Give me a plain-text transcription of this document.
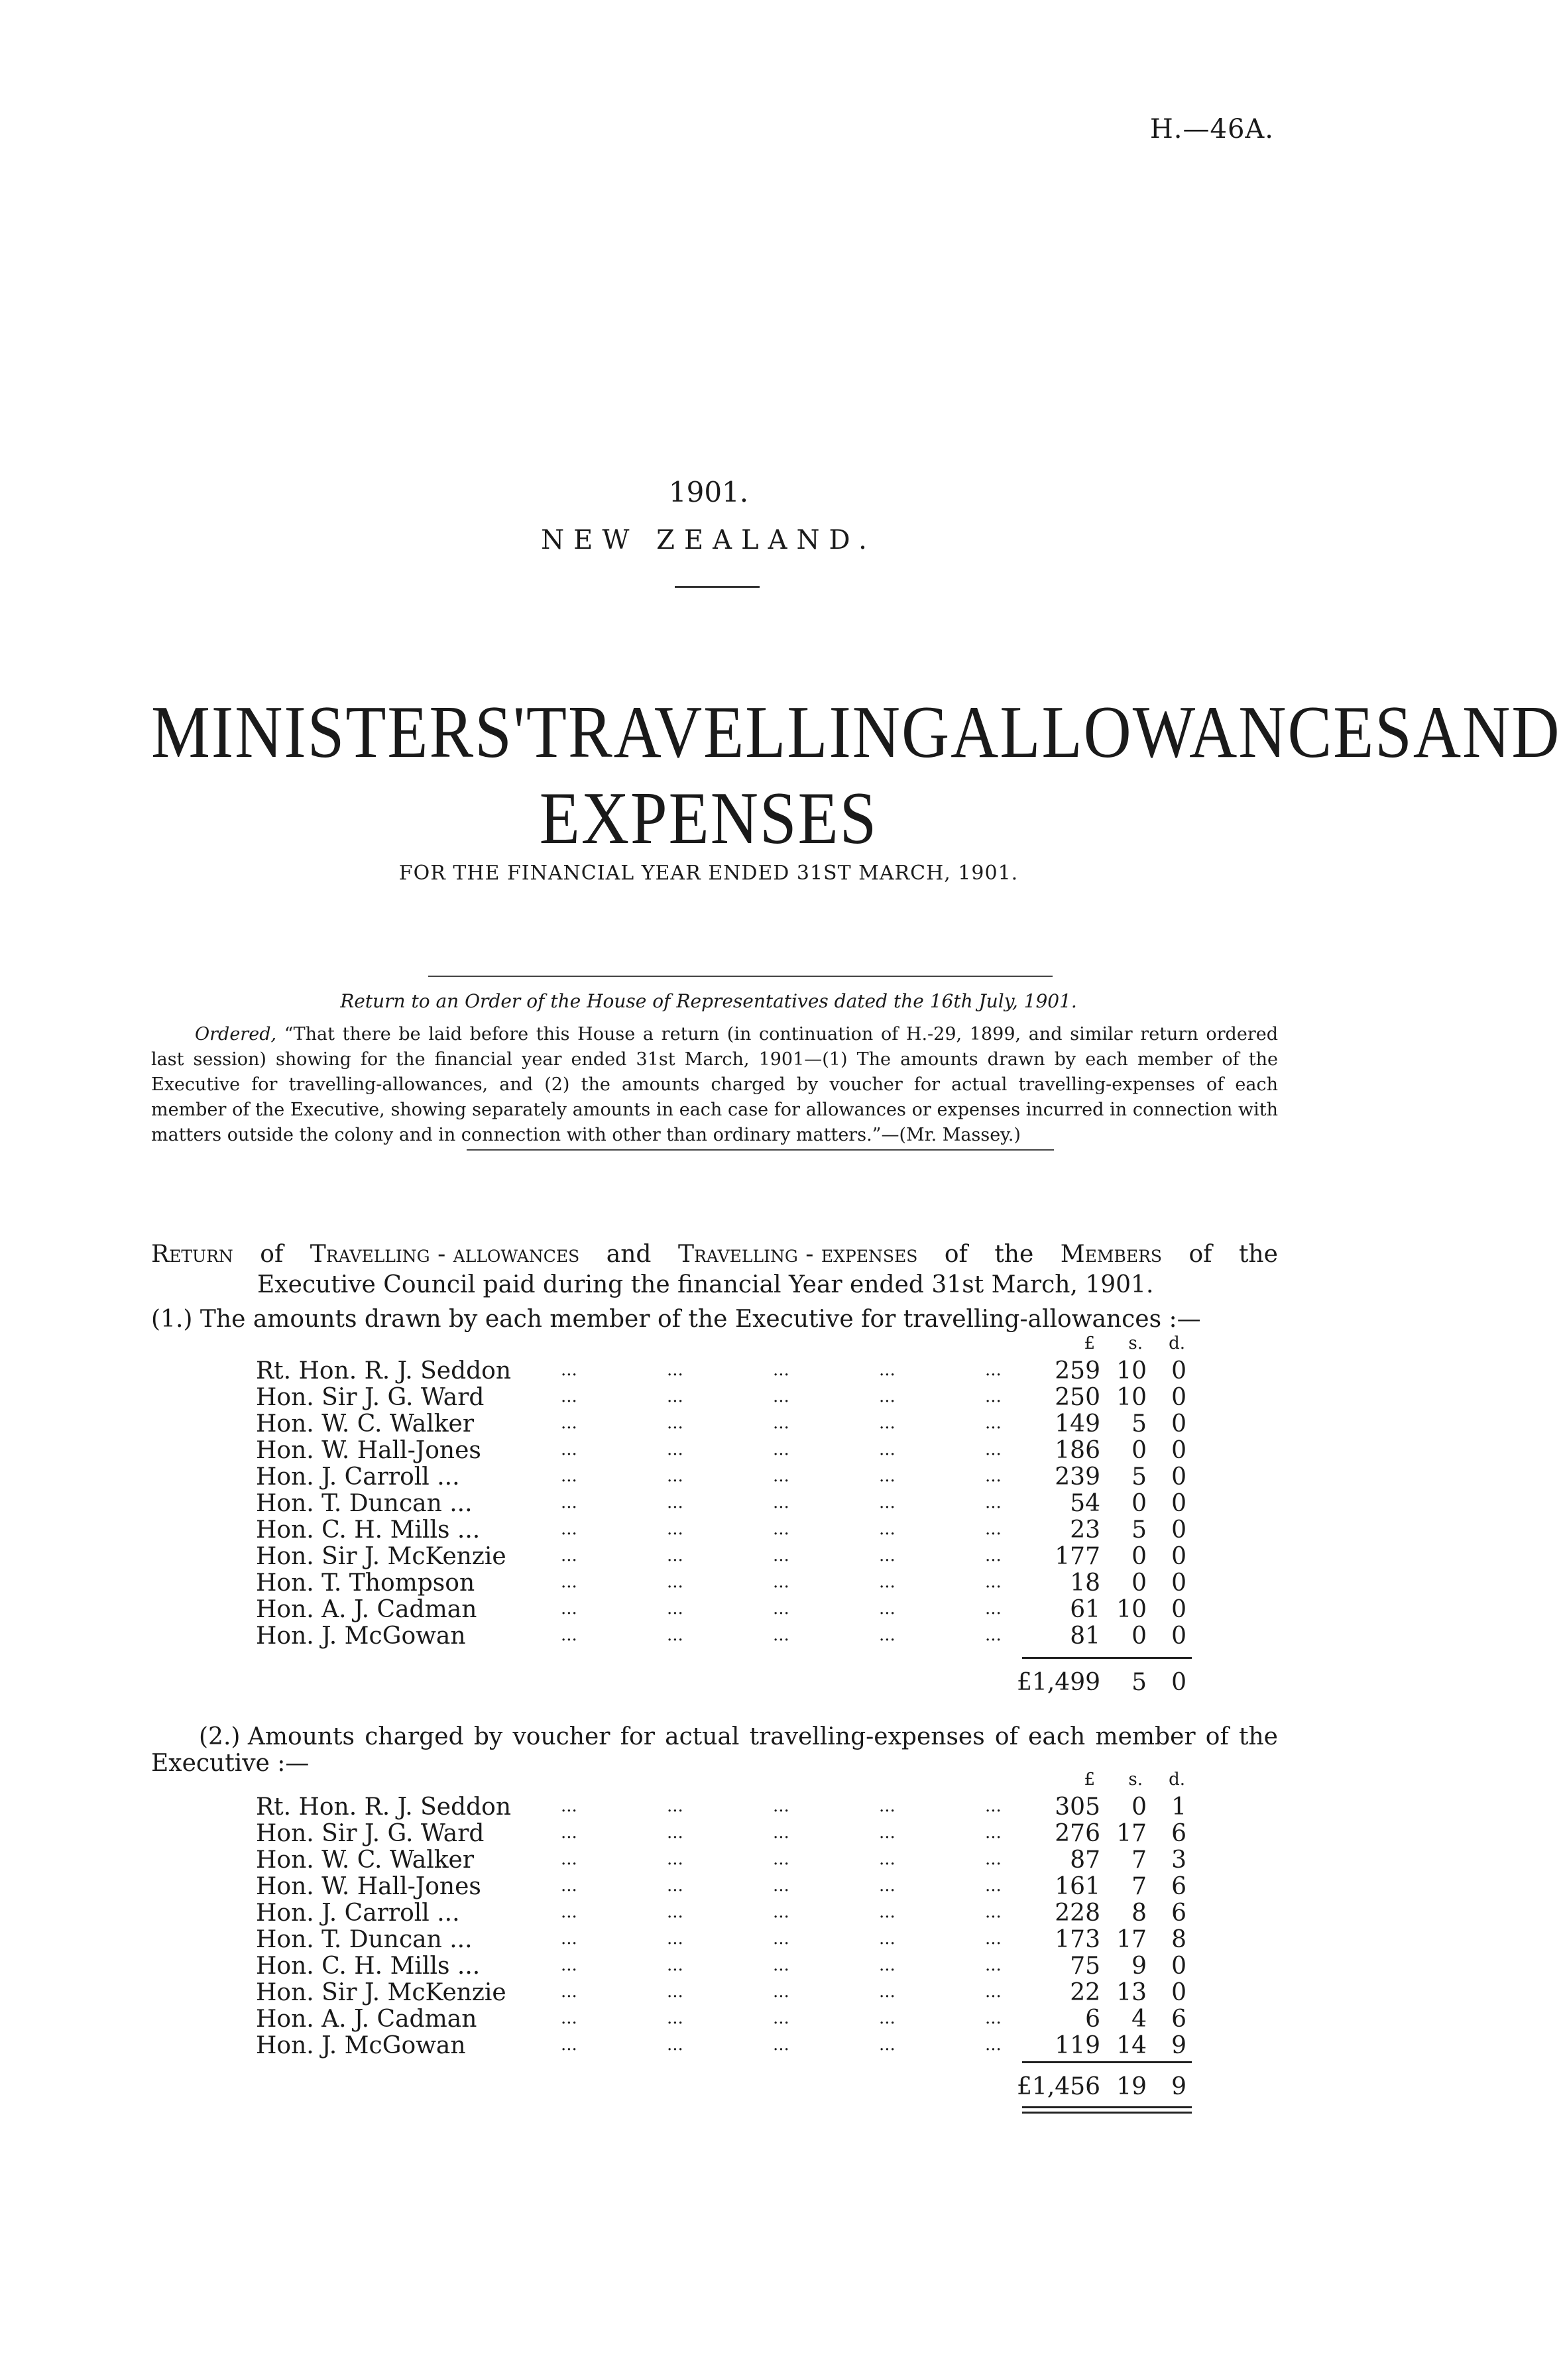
H.—46A.
1901.
NEW ZEALAND.
MINISTERS' TRAVELLING ALLOWANCES AND
EXPENSES
FOR THE FINANCIAL YEAR ENDED 31ST MARCH, 1901.
Return to an Order of the House of Representatives dated the 16th July, 1901.
Ordered, “That there be laid before this House a return (in continuation of H.-29, 1899, and similar return ordered last session) showing for the financial year ended 31st March, 1901—(1) The amounts drawn by each member of the Executive for travelling-allowances, and (2) the amounts charged by voucher for actual travelling-expenses of each member of the Executive, showing separately amounts in each case for allowances or expenses incurred in connection with matters outside the colony and in connection with other than ordinary matters.”—(Mr. Massey.)
Return of Travelling - allowances and Travelling - expenses of the Members of the
Executive Council paid during the financial Year ended 31st March, 1901.
(1.) The amounts drawn by each member of the Executive for travelling-allowances :—
£	s. d.
Rt. Hon. R. J. Seddon	...	...	...	...	...	259 10	0
Hon. Sir J. G. Ward	...	...	...	...	...	250 10	0
Hon. W. C. Walker	...	...	...	...	...	149	5	0
Hon. W. Hall-Jones	...	...	...	...	...	186	0	0
Hon. J. Carroll ...	...	...	...	...	...	239	5	0
Hon. T. Duncan ...	...	...	...	...	...	54	0	0
Hon. C. H. Mills ...	...	...	...	...	...	23	5	0
Hon. Sir J. McKenzie	...	...	...	...	...	177	0	0
Hon. T. Thompson	...	...	...	...	...	18	0	0
Hon. A. J. Cadman	...	...	...	...	...	61 10	0
Hon. J. McGowan	...	...	...	...	...	81	0	0
£1,499	5	0
(2.) Amounts charged by voucher for actual travelling-expenses of each member of the
Executive :—
£	s. d.
Rt. Hon. R. J. Seddon	...	...	...	...	...	305	0	1
Hon. Sir J. G. Ward	...	...	...	...	...	276 17	6
Hon. W. C. Walker	...	...	...	...	...	87	7	3
Hon. W. Hall-Jones	...	...	...	...	...	161	7	6
Hon. J. Carroll ...	...	...	...	...	...	228	8	6
Hon. T. Duncan ...	...	...	...	...	...	173 17	8
Hon. C. H. Mills ...	...	...	...	...	...	75	9	0
Hon. Sir J. McKenzie	...	...	...	...	...	22 13	0
Hon. A. J. Cadman	...	...	...	...	...	6	4	6
Hon. J. McGowan	...	...	...	...	...	119 14	9
£1,456 19	9
